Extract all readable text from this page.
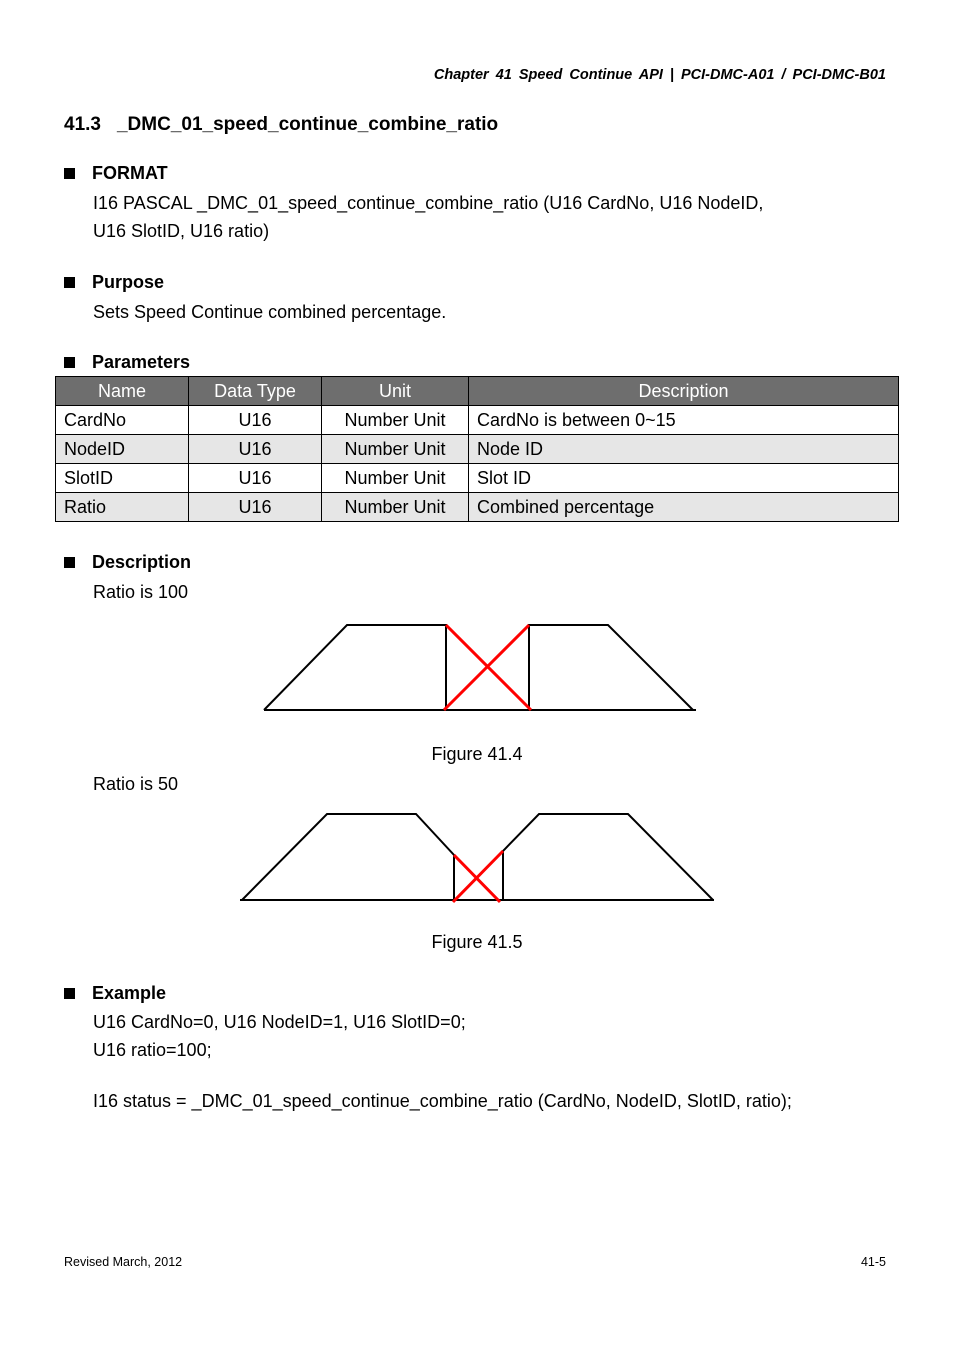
Chapter 41 Speed Continue API | PCI-DMC-A01 / PCI-DMC-B01
41.3 _DMC_01_speed_continue_combine_ratio
FORMAT
I16 PASCAL _DMC_01_speed_continue_combine_ratio (U16 CardNo, U16 NodeID,
U16 SlotID, U16 ratio)
Purpose
Sets Speed Continue combined percentage.
Parameters
Name	Data Type	Unit	Description
CardNo	U16	Number Unit	CardNo is between 0~15
NodeID	U16	Number Unit	Node ID
SlotID	U16	Number Unit	Slot ID
Ratio	U16	Number Unit	Combined percentage
Description
Ratio is 100
Figure 41.4
Ratio is 50
Figure 41.5
Example
U16 CardNo=0, U16 NodeID=1, U16 SlotID=0;
U16 ratio=100;
I16 status = _DMC_01_speed_continue_combine_ratio (CardNo, NodeID, SlotID, ratio);
Revised March, 2012	41-5
